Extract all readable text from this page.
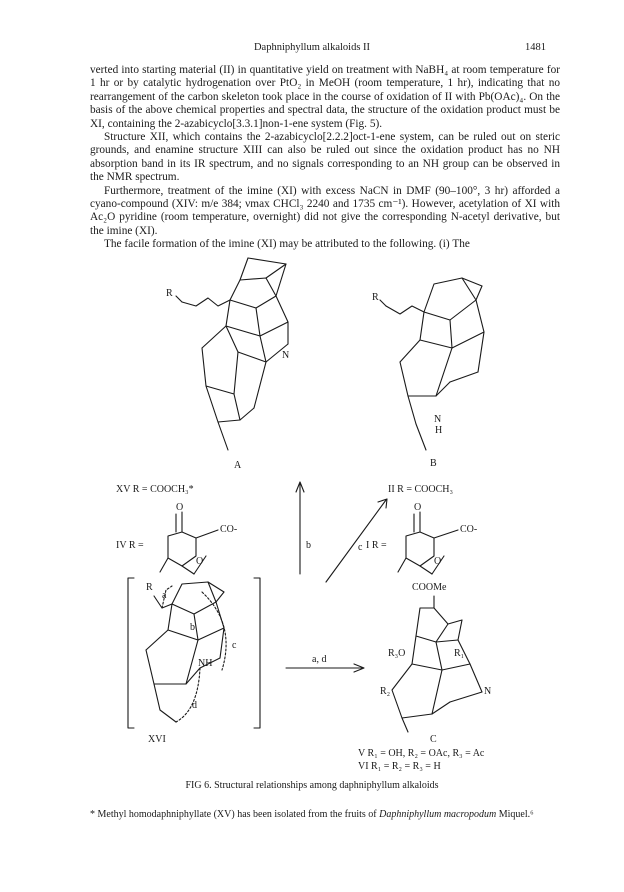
Daphniphyllum alkaloids II	1481

verted into starting material (II) in quantitative yield on treatment with NaBH₄ at room temperature for 1 hr or by catalytic hydrogenation over PtO₂ in MeOH (room temperature, 1 hr), indicating that no rearrangement of the carbon skeleton took place in the course of oxidation of II with Pb(OAc)₄. On the basis of the above chemical properties and spectral data, the structure of the oxidation product must be XI, containing the 2-azabicyclo[3.3.1]non-1-ene system (Fig. 5).

Structure XII, which contains the 2-azabicyclo[2.2.2]oct-1-ene system, can be ruled out on steric grounds, and enamine structure XIII can also be ruled out since the oxidation product has no NH absorption band in its IR spectrum, and no signals corresponding to an NH group can be observed in the NMR spectrum.

Furthermore, treatment of the imine (XI) with excess NaCN in DMF (90–100°, 3 hr) afforded a cyano-compound (XIV: m/e 384; νmax CHCl₃ 2240 and 1735 cm⁻¹). However, acetylation of XI with Ac₂O pyridine (room temperature, overnight) did not give the corresponding N-acetyl derivative, but the imine (XI).

The facile formation of the imine (XI) may be attributed to the following. (i) The

R
N
A
R
N
H
B
XV R = COOCH₃*
IV R =
O
CO-
O
II R = COOCH₃
I R =
O
CO-
O
b	c
R
a
b
c
d
NH	a, d
COOMe
R₃O	R₁
R₂	N
XVI	C
V R₁ = OH, R₂ = OAc, R₃ = Ac
VI R₁ = R₂ = R₃ = H
FIG 6. Structural relationships among daphniphyllum alkaloids
* Methyl homodaphniphyllate (XV) has been isolated from the fruits of Daphniphyllum macropodum Miquel.⁶
